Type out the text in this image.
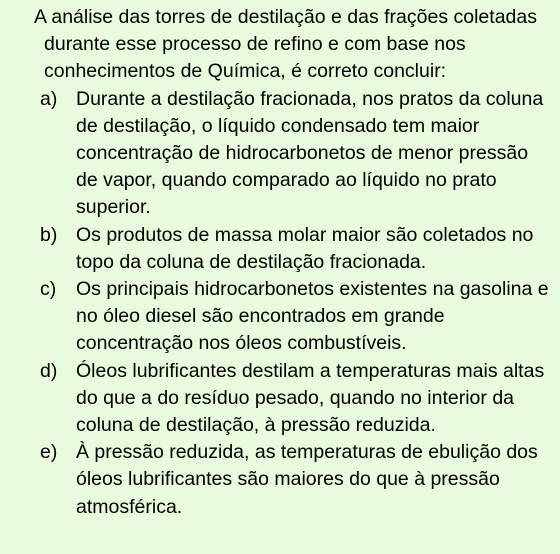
A análise das torres de destilação e das frações coletadas durante esse processo de refino e com base nos conhecimentos de Química, é correto concluir:

a) Durante a destilação fracionada, nos pratos da coluna de destilação, o líquido condensado tem maior concentração de hidrocarbonetos de menor pressão de vapor, quando comparado ao líquido no prato superior.
b) Os produtos de massa molar maior são coletados no topo da coluna de destilação fracionada.
c) Os principais hidrocarbonetos existentes na gasolina e no óleo diesel são encontrados em grande concentração nos óleos combustíveis.
d) Óleos lubrificantes destilam a temperaturas mais altas do que a do resíduo pesado, quando no interior da coluna de destilação, à pressão reduzida.
e) À pressão reduzida, as temperaturas de ebulição dos óleos lubrificantes são maiores do que à pressão atmosférica.
